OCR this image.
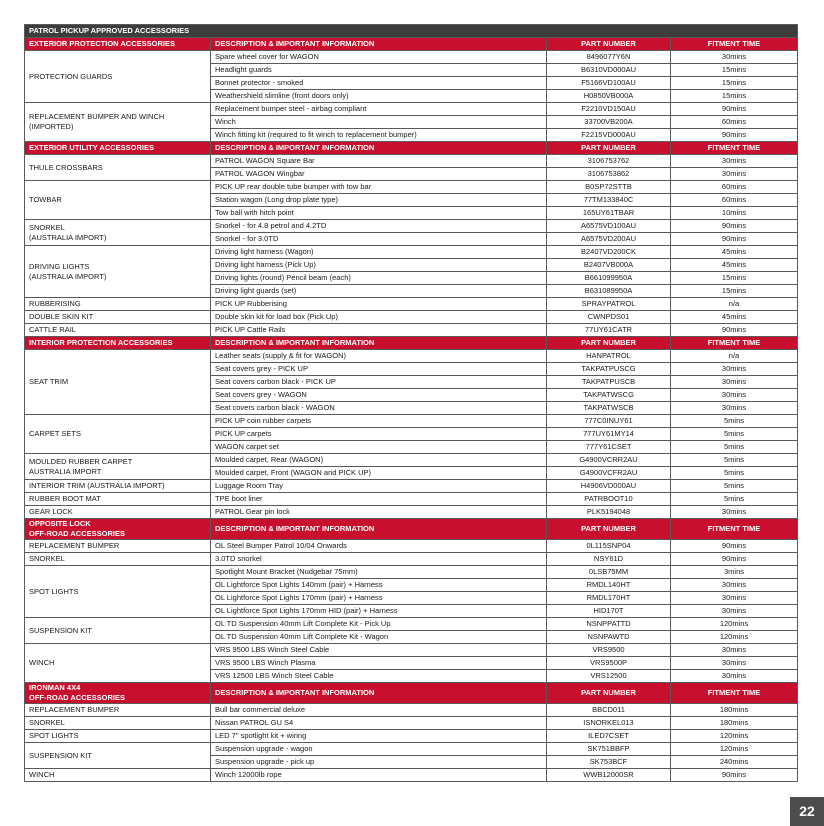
PATROL PICKUP APPROVED ACCESSORIES			
EXTERIOR PROTECTION ACCESSORIES	DESCRIPTION & IMPORTANT INFORMATION	PART NUMBER	FITMENT TIME
PROTECTION GUARDS	Spare wheel cover for WAGON	8496077Y6N	30mins
	Headlight guards	B6310VD000AU	15mins
	Bonnet protector - smoked	F5166VD100AU	15mins
	Weathershield slimline (front doors only)	H0850VB000A	15mins
REPLACEMENT BUMPER AND WINCH
(IMPORTED)	Replacement bumper steel - airbag compliant	F2210VD150AU	90mins
	Winch	33700VB200A	60mins
	Winch fitting kit (required to fit winch to replacement bumper)	F2215VD000AU	90mins
EXTERIOR UTILITY ACCESSORIES	DESCRIPTION & IMPORTANT INFORMATION	PART NUMBER	FITMENT TIME
THULE CROSSBARS	PATROL WAGON Square Bar	3106753762	30mins
	PATROL WAGON Wingbar	3106753862	30mins
TOWBAR	PICK UP rear double tube bumper with tow bar	B0SP72STTB	60mins
	Station wagon (Long drop plate type)	77TM133840C	60mins
	Tow ball with hitch point	165UY61TBAR	10mins
SNORKEL
(AUSTRALIA IMPORT)	Snorkel - for 4.8 petrol and 4.2TD	A6575VD100AU	90mins
	Snorkel - for 3.0TD	A6575VD200AU	90mins
DRIVING LIGHTS
(AUSTRALIA IMPORT)	Driving light harness (Wagon)	B2407VD200CK	45mins
	Driving light harness (Pick Up)	B2407VB000A	45mins
	Driving lights (round) Pencil beam (each)	B661099950A	15mins
	Driving light guards (set)	B631089950A	15mins
RUBBERISING	PICK UP Rubberising	SPRAYPATROL	n/a
DOUBLE SKIN KIT	Double skin kit for load box (Pick Up)	CWNPDS01	45mins
CATTLE RAIL	PICK UP Cattle Rails	77UY61CATR	90mins
INTERIOR PROTECTION ACCESSORIES	DESCRIPTION & IMPORTANT INFORMATION	PART NUMBER	FITMENT TIME
SEAT TRIM	Leather seats (supply & fit for WAGON)	HANPATROL	n/a
	Seat covers grey - PICK UP	TAKPATPUSCG	30mins
	Seat covers carbon black - PICK UP	TAKPATPUSCB	30mins
	Seat covers grey - WAGON	TAKPATWSCG	30mins
	Seat covers carbon black - WAGON	TAKPATWSCB	30mins
CARPET SETS	PICK UP coin rubber carpets	777C0INUY61	5mins
	PICK UP carpets	777UY61MY14	5mins
	WAGON carpet set	777Y61CSET	5mins
MOULDED RUBBER CARPET
AUSTRALIA IMPORT	Moulded carpet, Rear (WAGON)	G4900VCRR2AU	5mins
	Moulded carpet, Front (WAGON and PICK UP)	G4900VCFR2AU	5mins
INTERIOR TRIM (AUSTRALIA IMPORT)	Luggage Room Tray	H4906VD000AU	5mins
RUBBER BOOT MAT	TPE boot liner	PATRBOOT10	5mins
GEAR LOCK	PATROL Gear pin lock	PLK5194048	30mins
OPPOSITE LOCK
OFF-ROAD ACCESSORIES	DESCRIPTION & IMPORTANT INFORMATION	PART NUMBER	FITMENT TIME
REPLACEMENT BUMPER	OL Steel Bumper Patrol 10/04 Onwards	0L115SNP04	90mins
SNORKEL	3.0TD snorkel	NSY61D	90mins
SPOT LIGHTS	Spotlight Mount Bracket (Nudgebar 75mm)	0LSB75MM	3mins
	OL Lightforce Spot Lights 140mm (pair) + Harness	RMDL140HT	30mins
	OL Lightforce Spot Lights 170mm (pair) + Harness	RMDL170HT	30mins
	OL Lightforce Spot Lights 170mm HID (pair) + Harness	HID170T	30mins
SUSPENSION KIT	OL TD Suspension 40mm Lift Complete Kit - Pick Up	NSNPPATTD	120mins
	OL TD Suspension 40mm Lift Complete Kit - Wagon	NSNPAWTD	120mins
WINCH	VRS 9500 LBS Winch Steel Cable	VRS9500	30mins
	VRS 9500 LBS Winch Plasma	VRS9500P	30mins
	VRS 12500 LBS Winch Steel Cable	VRS12500	30mins
IRONMAN 4X4
OFF-ROAD ACCESSORIES	DESCRIPTION & IMPORTANT INFORMATION	PART NUMBER	FITMENT TIME
REPLACEMENT BUMPER	Bull bar commercial deluxe	BBCD011	180mins
SNORKEL	Nissan PATROL GU S4	ISNORKEL013	180mins
SPOT LIGHTS	LED 7" spotlight kit + wiring	ILED7CSET	120mins
SUSPENSION KIT	Suspension upgrade - wagon	SK751BBFP	120mins
	Suspension upgrade - pick up	SK753BCF	240mins
WINCH	Winch 12000lb rope	WWB12000SR	90mins
22
